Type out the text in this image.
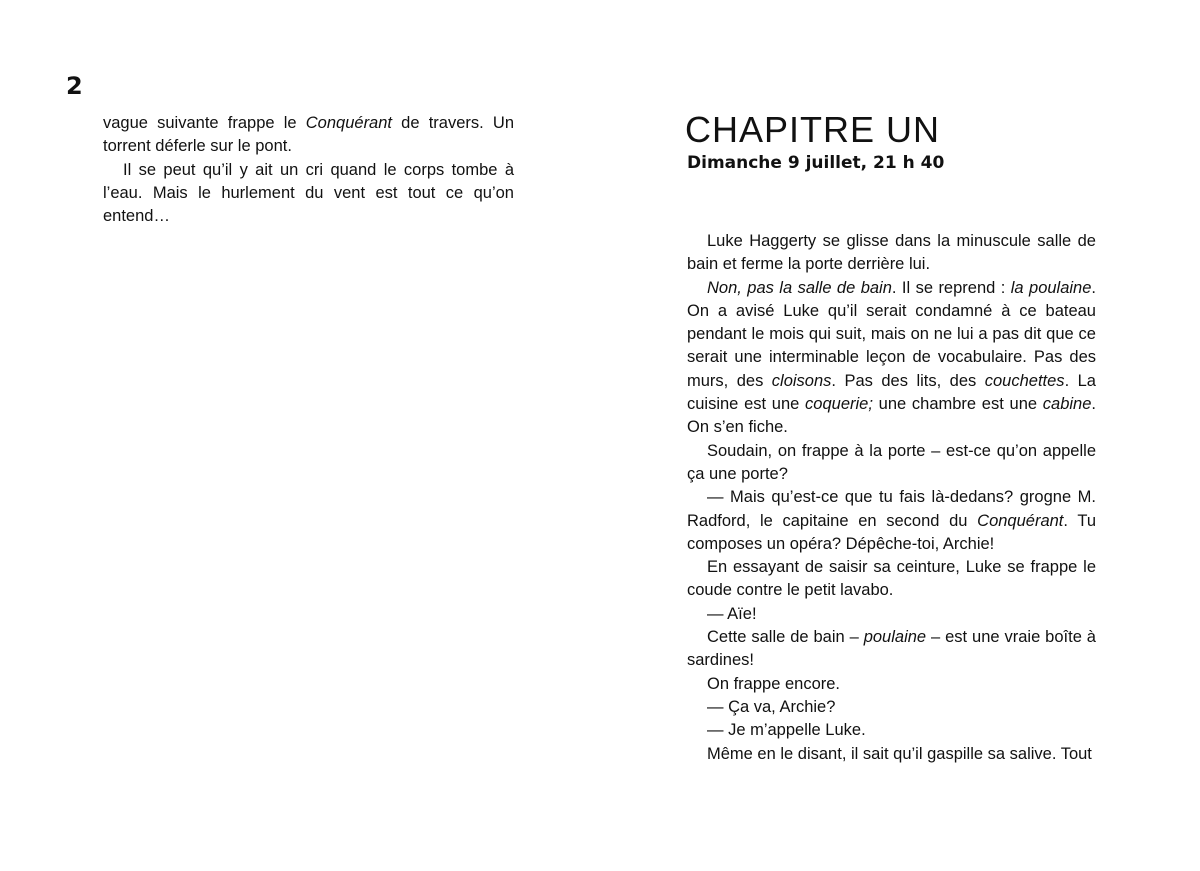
2

vague suivante frappe le Conquérant de travers. Un torrent déferle sur le pont.

Il se peut qu’il y ait un cri quand le corps tombe à l’eau. Mais le hurlement du vent est tout ce qu’on entend…

CHAPITRE UN
Dimanche 9 juillet, 21 h 40

Luke Haggerty se glisse dans la minuscule salle de bain et ferme la porte derrière lui.

Non, pas la salle de bain. Il se reprend : la poulaine. On a avisé Luke qu’il serait condamné à ce bateau pendant le mois qui suit, mais on ne lui a pas dit que ce serait une interminable leçon de vocabulaire. Pas des murs, des cloisons. Pas des lits, des couchettes. La cuisine est une coquerie; une chambre est une cabine. On s’en fiche.

Soudain, on frappe à la porte – est-ce qu’on appelle ça une porte?

— Mais qu’est-ce que tu fais là-dedans? grogne M. Radford, le capitaine en second du Conquérant. Tu composes un opéra? Dépêche-toi, Archie!

En essayant de saisir sa ceinture, Luke se frappe le coude contre le petit lavabo.

— Aïe!

Cette salle de bain – poulaine – est une vraie boîte à sardines!

On frappe encore.

— Ça va, Archie?

— Je m’appelle Luke.

Même en le disant, il sait qu’il gaspille sa salive. Tout
